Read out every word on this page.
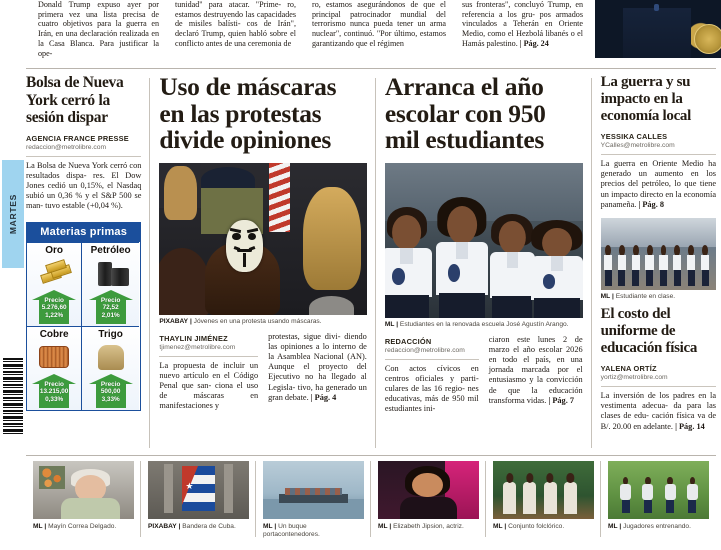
Donald Trump expuso ayer por primera vez una lista precisa de cuatro objetivos para la guerra en Irán, en una declaración realizada en la Casa Blanca. Para justificar la ope-
tunidad" para atacar. "Prime- ro, estamos destruyendo las capacidades de misiles balísti- cos de Irán", declaró Trump, quien habló sobre el conflicto antes de una ceremonia de
ro, estamos asegurándonos de que el principal patrocinador mundial del terrorismo nunca pueda tener un arma nuclear", continuó. "Por último, estamos garantizando que el régimen
sus fronteras", concluyó Trump, en referencia a los gru- pos armados vinculados a Teherán en Oriente Medio, como el Hezbolá libanés o el Hamás palestino. | Pág. 24
MARTES
Bolsa de Nueva York cerró la sesión dispar
AGENCIA FRANCE PRESSE
redaccion@metrolibre.com
La Bolsa de Nueva York cerró con resultados dispa- res. El Dow Jones cedió un 0,15%, el Nasdaq subió un 0,36 % y el S&P 500 se man- tuvo estable (+0,04 %).
Materias primas
Oro
Precio
5.276,60
1,22%
Petróleo
Precio
72,52
2,01%
Cobre
Precio
13.215,00
0,33%
Trigo
Precio
500,00
3,33%
Uso de máscaras en las protestas divide opiniones
PIXABAY | Jóvenes en una protesta usando máscaras.
THAYLIN JIMÉNEZ
tjimenez@metrolibre.com
La propuesta de incluir un nuevo artículo en el Código Penal que san- ciona el uso de máscaras en manifestaciones y
protestas, sigue divi- diendo las opiniones a lo interno de la Asamblea Nacional (AN). Aunque el proyecto del Ejecutivo no ha llegado al Legisla- tivo, ha generado un gran debate. | Pág. 4
Arranca el año escolar con 950 mil estudiantes
ML | Estudiantes en la renovada escuela José Agustín Arango.
REDACCIÓN
redaccion@metrolibre.com
Con actos cívicos en centros oficiales y parti- culares de las 16 regio- nes educativas, más de 950 mil estudiantes ini-
ciaron este lunes 2 de marzo el año escolar 2026 en todo el país, en una jornada marcada por el entusiasmo y la convicción de que la educación transforma vidas. | Pág. 7
La guerra y su impacto en la economía local
YESSIKA CALLES
YCalles@metrolibre.com
La guerra en Oriente Medio ha generado un aumento en los precios del petróleo, lo que tiene un impacto directo en la economía panameña. | Pág. 8
ML | Estudiante en clase.
El costo del uniforme de educación física
YALENA ORTÍZ
yortiz@metrolibre.com
La inversión de los padres en la vestimenta adecua- da para las clases de edu- cación física va de B/. 20.00 en adelante. | Pág. 14
ML | Mayín Correa Delgado.
★
PIXABAY | Bandera de Cuba.	ML | Un buque portacontenedores.
ML | Elizabeth Jipsion, actriz.	ML | Conjunto folclórico.	ML | Jugadores entrenando.
